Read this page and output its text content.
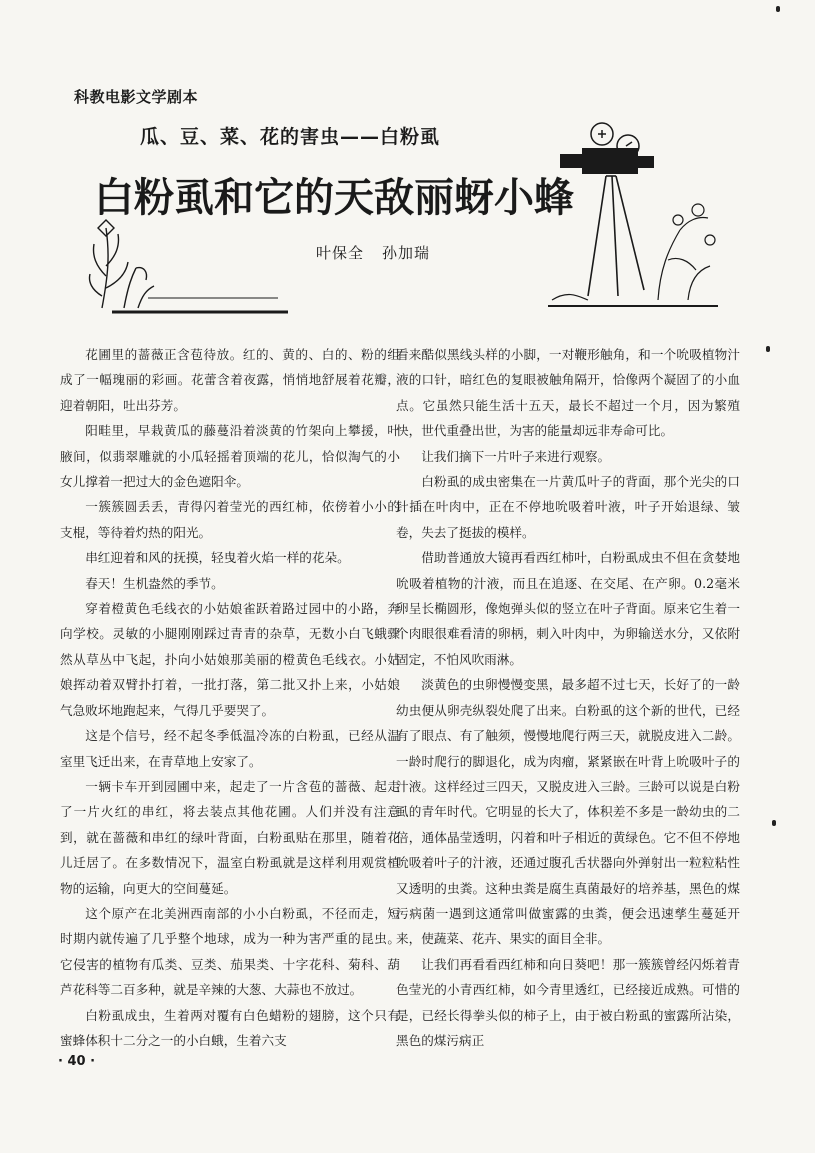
科教电影文学剧本
瓜、豆、菜、花的害虫——白粉虱
白粉虱和它的天敌丽蚜小蜂
叶保全 孙加瑞

花圃里的蔷薇正含苞待放。红的、黄的、白的、粉的组成了一幅瑰丽的彩画。花蕾含着夜露，悄悄地舒展着花瓣，迎着朝阳，吐出芬芳。

阳畦里，早栽黄瓜的藤蔓沿着淡黄的竹架向上攀援，叶腋间，似翡翠雕就的小瓜轻摇着顶端的花儿，恰似淘气的小女儿撑着一把过大的金色遮阳伞。

一簇簇圆丢丢，青得闪着莹光的西红柿，依傍着小小的支棍，等待着灼热的阳光。

串红迎着和风的抚摸，轻曳着火焰一样的花朵。

春天！生机盎然的季节。

穿着橙黄色毛线衣的小姑娘雀跃着路过园中的小路，奔向学校。灵敏的小腿刚刚踩过青青的杂草，无数小白飞蛾骤然从草丛中飞起，扑向小姑娘那美丽的橙黄色毛线衣。小姑娘挥动着双臂扑打着，一批打落，第二批又扑上来，小姑娘气急败坏地跑起来，气得几乎要哭了。

这是个信号，经不起冬季低温冷冻的白粉虱，已经从温室里飞迁出来，在青草地上安家了。

一辆卡车开到园圃中来，起走了一片含苞的蔷薇、起走了一片火红的串红，将去装点其他花圃。人们并没有注意到，就在蔷薇和串红的绿叶背面，白粉虱贴在那里，随着花儿迁居了。在多数情况下，温室白粉虱就是这样利用观赏植物的运输，向更大的空间蔓延。

这个原产在北美洲西南部的小小白粉虱，不径而走，短时期内就传遍了几乎整个地球，成为一种为害严重的昆虫。它侵害的植物有瓜类、豆类、茄果类、十字花科、菊科、葫芦花科等二百多种，就是辛辣的大葱、大蒜也不放过。

白粉虱成虫，生着两对覆有白色蜡粉的翅膀，这个只有蜜蜂体积十二分之一的小白蛾，生着六支

看来酷似黑线头样的小脚，一对鞭形触角，和一个吮吸植物汁液的口针，暗红色的复眼被触角隔开，恰像两个凝固了的小血点。它虽然只能生活十五天，最长不超过一个月，因为繁殖快，世代重叠出世，为害的能量却远非寿命可比。

让我们摘下一片叶子来进行观察。

白粉虱的成虫密集在一片黄瓜叶子的背面，那个光尖的口针插在叶肉中，正在不停地吮吸着叶液，叶子开始退绿、皱卷，失去了挺拔的模样。

借助普通放大镜再看西红柿叶，白粉虱成虫不但在贪婪地吮吸着植物的汁液，而且在追逐、在交尾、在产卵。0.2毫米卵呈长椭圆形，像炮弹头似的竖立在叶子背面。原来它生着一个肉眼很难看清的卵柄，刺入叶肉中，为卵输送水分，又依附固定，不怕风吹雨淋。

淡黄色的虫卵慢慢变黑，最多超不过七天，长好了的一龄幼虫便从卵壳纵裂处爬了出来。白粉虱的这个新的世代，已经有了眼点、有了触须，慢慢地爬行两三天，就脱皮进入二龄。一龄时爬行的脚退化，成为肉瘤，紧紧嵌在叶背上吮吸叶子的汁液。这样经过三四天，又脱皮进入三龄。三龄可以说是白粉虱的青年时代。它明显的长大了，体积差不多是一龄幼虫的二倍，通体晶莹透明，闪着和叶子相近的黄绿色。它不但不停地吮吸着叶子的汁液，还通过腹孔舌状器向外弹射出一粒粒粘性又透明的虫粪。这种虫粪是腐生真菌最好的培养基，黑色的煤污病菌一遇到这通常叫做蜜露的虫粪，便会迅速孳生蔓延开来，使蔬菜、花卉、果实的面目全非。

让我们再看看西红柿和向日葵吧！那一簇簇曾经闪烁着青色莹光的小青西红柿，如今青里透红，已经接近成熟。可惜的是，已经长得拳头似的柿子上，由于被白粉虱的蜜露所沾染，黑色的煤污病正

· 40 ·
